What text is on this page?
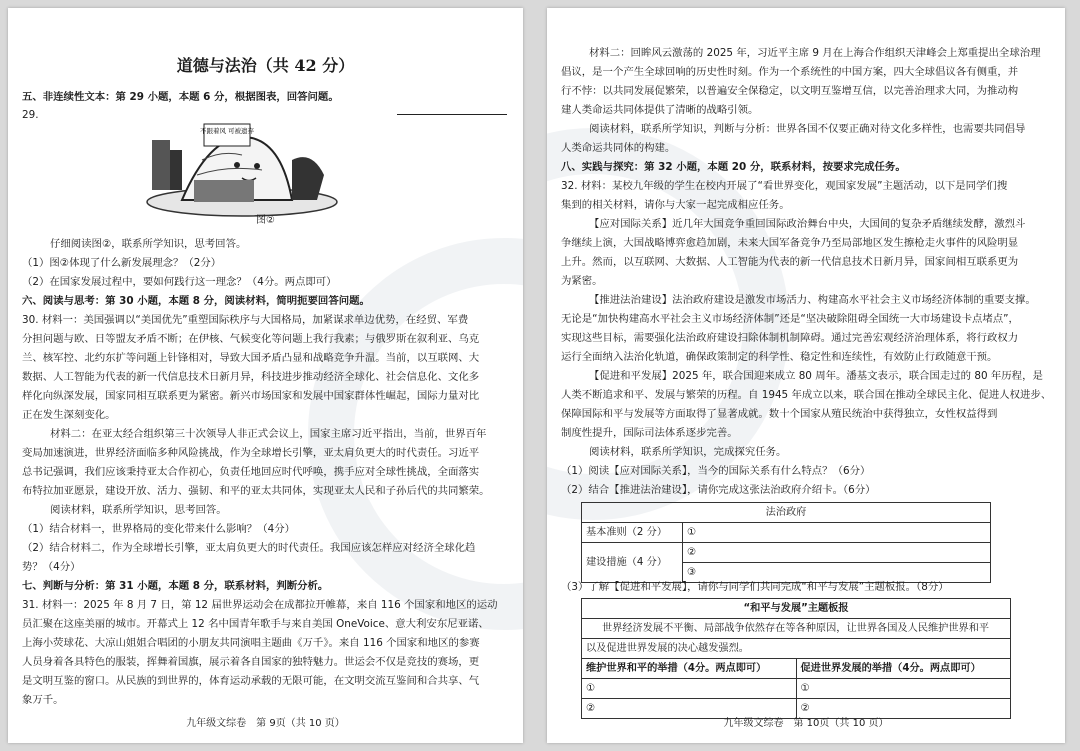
道德与法治（共 42 分）
五、非连续性文本：第 29 小题，本题 6 分，根据图表，回答问题。
29.
不跟着风 可被遗弃
图②
仔细阅读图②，联系所学知识，思考回答。
（1）图②体现了什么新发展理念？（2分）
（2）在国家发展过程中，要如何践行这一理念？（4分。两点即可）
六、阅读与思考：第 30 小题，本题 8 分，阅读材料，简明扼要回答问题。
30. 材料一：美国强调以“美国优先”重塑国际秩序与大国格局，加紧谋求单边优势，在经贸、军费
分担问题与欧、日等盟友矛盾不断；在伊核、气候变化等问题上我行我素；与俄罗斯在叙利亚、乌克
兰、核军控、北约东扩等问题上针锋相对，导致大国矛盾凸显和战略竞争升温。当前，以互联网、大
数据、人工智能为代表的新一代信息技术日新月异，科技进步推动经济全球化、社会信息化、文化多
样化向纵深发展，国家同相互联系更为紧密。新兴市场国家和发展中国家群体性崛起，国际力量对比
正在发生深刻变化。
材料二：在亚太经合组织第三十次领导人非正式会议上，国家主席习近平指出，当前，世界百年
变局加速演进，世界经济面临多种风险挑战，作为全球增长引擎，亚太肩负更大的时代责任。习近平
总书记强调，我们应该秉持亚太合作初心，负责任地回应时代呼唤，携手应对全球性挑战，全面落实
布特拉加亚愿景，建设开放、活力、强韧、和平的亚太共同体，实现亚太人民和子孙后代的共同繁荣。
阅读材料，联系所学知识，思考回答。
（1）结合材料一，世界格局的变化带来什么影响？（4分）
（2）结合材料二，作为全球增长引擎，亚太肩负更大的时代责任。我国应该怎样应对经济全球化趋
势？（4分）
七、判断与分析：第 31 小题，本题 8 分，联系材料，判断分析。
31. 材料一：2025 年 8 月 7 日，第 12 届世界运动会在成都拉开帷幕，来自 116 个国家和地区的运动
员汇聚在这座美丽的城市。开幕式上 12 名中国青年歌手与来自美国 OneVoice、意大利安东尼亚诺、
上海小荧球花、大凉山姐姐合唱团的小朋友共同演唱主题曲《万千》。来自 116 个国家和地区的参赛
人员身着各具特色的服装，挥舞着国旗，展示着各自国家的独特魅力。世运会不仅是竞技的赛场，更
是文明互鉴的窗口。从民族的到世界的，体育运动承载的无限可能，在文明交流互鉴间和合共享、气
象万千。
九年级文综卷　第 9页（共 10 页）
材料二：回眸风云激荡的 2025 年，习近平主席 9 月在上海合作组织天津峰会上郑重提出全球治理
倡议，是一个产生全球回响的历史性时刻。作为一个系统性的中国方案，四大全球倡议各有侧重，并
行不悖：以共同发展促繁荣，以普遍安全保稳定，以文明互鉴增互信，以完善治理求大同，为推动构
建人类命运共同体提供了清晰的战略引领。
阅读材料，联系所学知识，判断与分析：世界各国不仅要正确对待文化多样性，也需要共同倡导
人类命运共同体的构建。
八、实践与探究：第 32 小题，本题 20 分，联系材料，按要求完成任务。
32. 材料：某校九年级的学生在校内开展了“看世界变化，观国家发展”主题活动，以下是同学们搜
集到的相关材料，请你与大家一起完成相应任务。
【应对国际关系】近几年大国竞争重回国际政治舞台中央，大国间的复杂矛盾继续发酵，激烈斗
争继续上演，大国战略博弈愈趋加剧，未来大国军备竞争乃至局部地区发生擦枪走火事件的风险明显
上升。然而，以互联网、大数据、人工智能为代表的新一代信息技术日新月异，国家间相互联系更为
为紧密。
【推进法治建设】法治政府建设是激发市场活力、构建高水平社会主义市场经济体制的重要支撑。
无论是“加快构建高水平社会主义市场经济体制”还是“坚决破除阻碍全国统一大市场建设卡点堵点”，
实现这些目标，需要强化法治政府建设扫除体制机制障碍。通过完善宏观经济治理体系，将行政权力
运行全面纳入法治化轨道，确保政策制定的科学性、稳定性和连续性，有效防止行政随意干预。
【促进和平发展】2025 年，联合国迎来成立 80 周年。潘基文表示，联合国走过的 80 年历程，是
人类不断追求和平、发展与繁荣的历程。自 1945 年成立以来，联合国在推动全球民主化、促进人权进步、
保障国际和平与发展等方面取得了显著成就。数十个国家从殖民统治中获得独立，女性权益得到
制度性提升，国际司法体系逐步完善。
阅读材料，联系所学知识，完成探究任务。
（1）阅读【应对国际关系】，当今的国际关系有什么特点？（6分）
（2）结合【推进法治建设】，请你完成这张法治政府介绍卡。（6分）
法治政府	
基本准则（2 分）	①
建设措施（4 分）	②
	③
（3）了解【促进和平发展】，请你与同学们共同完成“和平与发展”主题板报。（8分）
“和平与发展”主题板报	
世界经济发展不平衡、局部战争依然存在等各种原因，让世界各国及人民维护世界和平	
以及促进世界发展的决心越发强烈。	
维护世界和平的举措（4分。两点即可）	促进世界发展的举措（4分。两点即可）
①	①
②	②
九年级文综卷　第 10页（共 10 页）
